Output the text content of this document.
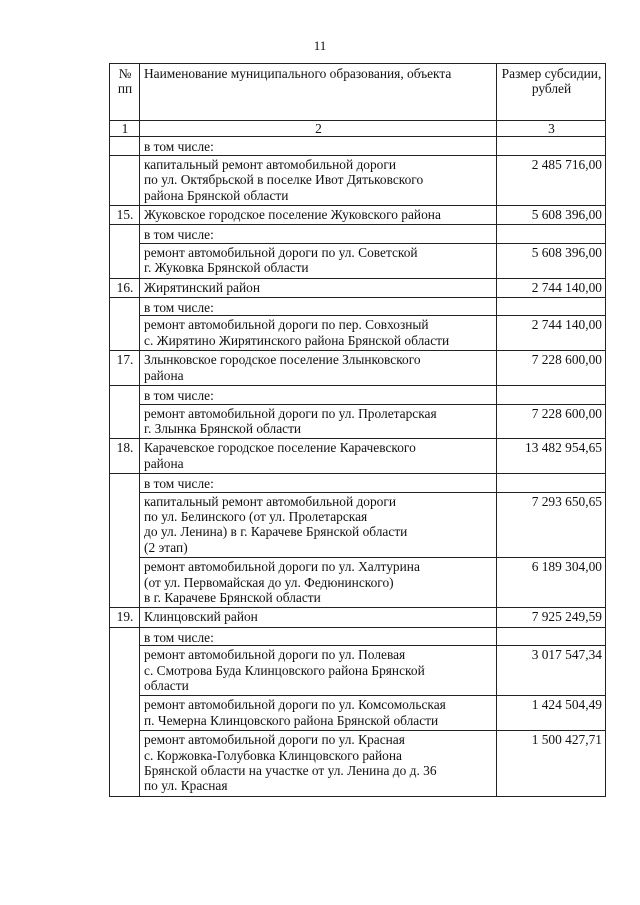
11
№ пп	Наименование муниципального образования, объекта	Размер субсидии, рублей
1	2	3
	в том числе:	

	капитальный ремонт автомобильной дороги
по ул. Октябрьской в поселке Ивот Дятьковского
района Брянской области	2 485 716,00
15.	Жуковское городское поселение Жуковского района	5 608 396,00
	в том числе:	

	ремонт автомобильной дороги по ул. Советской
г. Жуковка Брянской области	5 608 396,00
16.	Жирятинский район	2 744 140,00
	в том числе:	

	ремонт автомобильной дороги по пер. Совхозный
с. Жирятино Жирятинского района Брянской области	2 744 140,00
17.	Злынковское городское поселение Злынковского
района	7 228 600,00
	в том числе:	

	ремонт автомобильной дороги по ул. Пролетарская
г. Злынка Брянской области	7 228 600,00
18.	Карачевское городское поселение Карачевского
района	13 482 954,65
	в том числе:	

	капитальный ремонт автомобильной дороги
по ул. Белинского (от ул. Пролетарская
до ул. Ленина) в г. Карачеве Брянской области
(2 этап)	7 293 650,65

	ремонт автомобильной дороги по ул. Халтурина
(от ул. Первомайская до ул. Федюнинского)
в г. Карачеве Брянской области	6 189 304,00
19.	Клинцовский район	7 925 249,59
	в том числе:	

	ремонт автомобильной дороги по ул. Полевая
с. Смотрова Буда Клинцовского района Брянской
области	3 017 547,34

	ремонт автомобильной дороги по ул. Комсомольская
п. Чемерна Клинцовского района Брянской области	1 424 504,49

	ремонт автомобильной дороги по ул. Красная
с. Коржовка-Голубовка Клинцовского района
Брянской области на участке от ул. Ленина до д. 36
по ул. Красная	1 500 427,71
